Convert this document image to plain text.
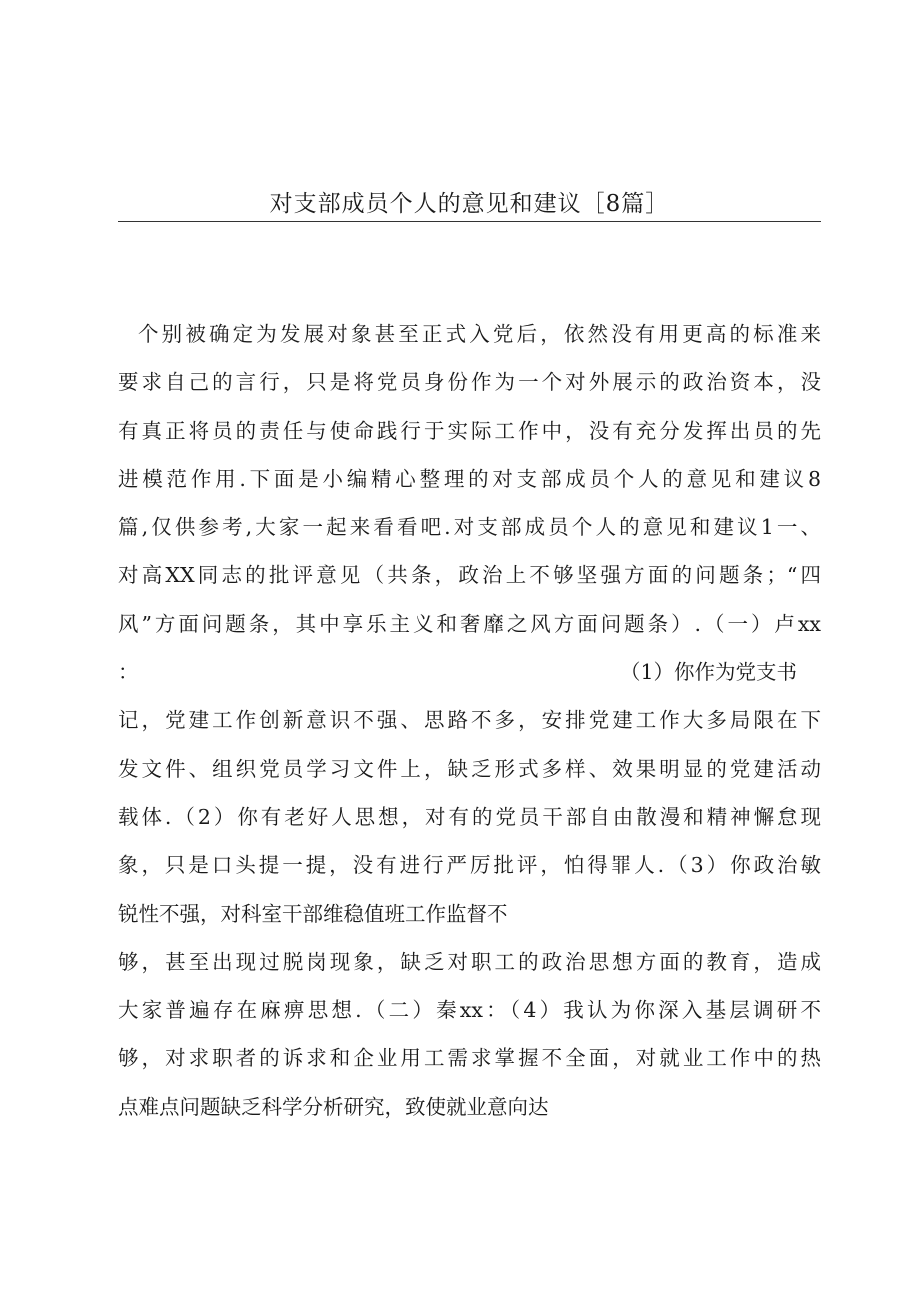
对支部成员个人的意见和建议［8篇］
个别被确定为发展对象甚至正式入党后，依然没有用更高的标准来
要求自己的言行，只是将党员身份作为一个对外展示的政治资本，没
有真正将员的责任与使命践行于实际工作中，没有充分发挥出员的先
进模范作用.下面是小编精心整理的对支部成员个人的意见和建议8
篇,仅供参考,大家一起来看看吧.对支部成员个人的意见和建议1一、
对高XX同志的批评意见（共条，政治上不够坚强方面的问题条；“四
风”方面问题条，其中享乐主义和奢靡之风方面问题条）.（一）卢xx
：	（1）你作为党支书
记，党建工作创新意识不强、思路不多，安排党建工作大多局限在下
发文件、组织党员学习文件上，缺乏形式多样、效果明显的党建活动
载体.（2）你有老好人思想，对有的党员干部自由散漫和精神懈怠现
象，只是口头提一提，没有进行严厉批评，怕得罪人.（3）你政治敏
锐性不强，对科室干部维稳值班工作监督不
够，甚至出现过脱岗现象，缺乏对职工的政治思想方面的教育，造成
大家普遍存在麻痹思想.（二）秦xx：（4）我认为你深入基层调研不
够，对求职者的诉求和企业用工需求掌握不全面，对就业工作中的热
点难点问题缺乏科学分析研究，致使就业意向达
